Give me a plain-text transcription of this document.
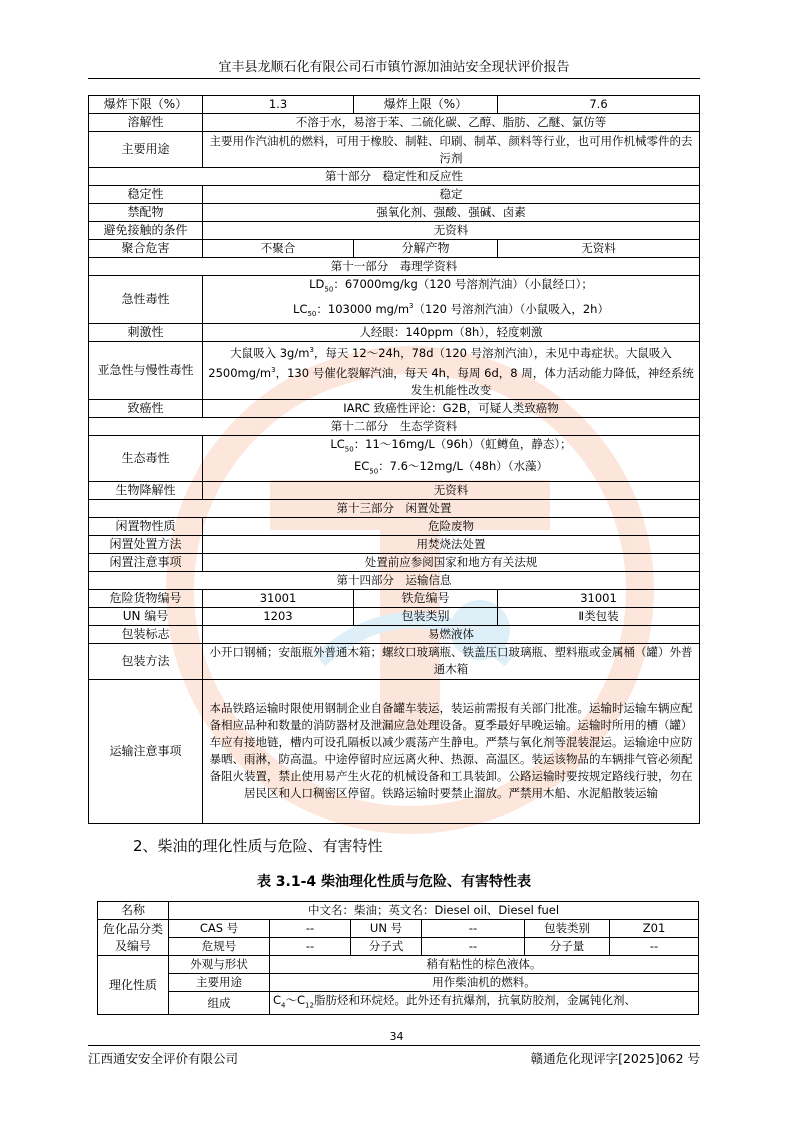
宜丰县龙顺石化有限公司石市镇竹源加油站安全现状评价报告
爆炸下限（%）	1.3	爆炸上限（%）	7.6
溶解性	不溶于水，易溶于苯、二硫化碳、乙醇、脂肪、乙醚、氯仿等		
主要用途	主要用作汽油机的燃料，可用于橡胶、制鞋、印刷、制革、颜料等行业，也可用作机械零件的去污剂		
第十部分　稳定性和反应性			
稳定性	稳定		
禁配物	强氧化剂、强酸、强碱、卤素		
避免接触的条件	无资料		
聚合危害	不聚合	分解产物	无资料
第十一部分　毒理学资料			
急性毒性	$LD_{50}$：67000mg/kg（120 号溶剂汽油）（小鼠经口）；
$LC_{50}$：103000 $mg/m^3(120$ 号溶剂汽油）（小鼠吸入，2h）		

刺激性	人经眼：140ppm（8h），轻度刺激		
亚急性与慢性毒性	大鼠吸入 $3g/m^3$，每天 12～24h，78d（120 号溶剂汽油），未见中毒症状。大鼠吸入 $2500mg/m^3$，130 号催化裂解汽油，每天 4h，每周 6d，8 周，体力活动能力降低，神经系统发生机能性改变		
致癌性	IARC 致癌性评论：G2B，可疑人类致癌物		
第十二部分　生态学资料			
生态毒性	$LC_{50}$：11～16mg/L（96h）（虹鳟鱼，静态）；
$EC_{50}$：7.6～12mg/L（48h）（水藻）		

生物降解性	无资料		
第十三部分　闲置处置			
闲置物性质	危险废物		
闲置处置方法	用焚烧法处置		
闲置注意事项	处置前应参阅国家和地方有关法规		
第十四部分　运输信息			
危险货物编号	31001	铁危编号	31001
UN 编号	1203	包装类别	Ⅱ类包装
包装标志	易燃液体		
包装方法	小开口钢桶；安瓿瓶外普通木箱；螺纹口玻璃瓶、铁盖压口玻璃瓶、塑料瓶或金属桶（罐）外普通木箱		
运输注意事项	本品铁路运输时限使用钢制企业自备罐车装运，装运前需报有关部门批准。运输时运输车辆应配备相应品种和数量的消防器材及泄漏应急处理设备。夏季最好早晚运输。运输时所用的槽（罐）车应有接地链，槽内可设孔隔板以减少震荡产生静电。严禁与氧化剂等混装混运。运输途中应防暴晒、雨淋，防高温。中途停留时应远离火种、热源、高温区。装运该物品的车辆排气管必须配备阻火装置，禁止使用易产生火花的机械设备和工具装卸。公路运输时要按规定路线行驶，勿在居民区和人口稠密区停留。铁路运输时要禁止溜放。严禁用木船、水泥船散装运输		
2、柴油的理化性质与危险、有害特性
表 3.1-4 柴油理化性质与危险、有害特性表
名称	中文名：柴油；英文名：Diesel oil、Diesel fuel					
危化品分类及编号	CAS 号	--	UN 号	--	包装类别	Z01
	危规号	--	分子式	--	分子量	--
理化性质	外观与形状	稍有粘性的棕色液体。				
	主要用途	用作柴油机的燃料。				
	组成	$C_4\sim C_{12}$脂肪烃和环烷烃。此外还有抗爆剂，抗氧防胶剂，金属钝化剂、				
34
江西通安安全评价有限公司	赣通危化现评字[2025]062 号
